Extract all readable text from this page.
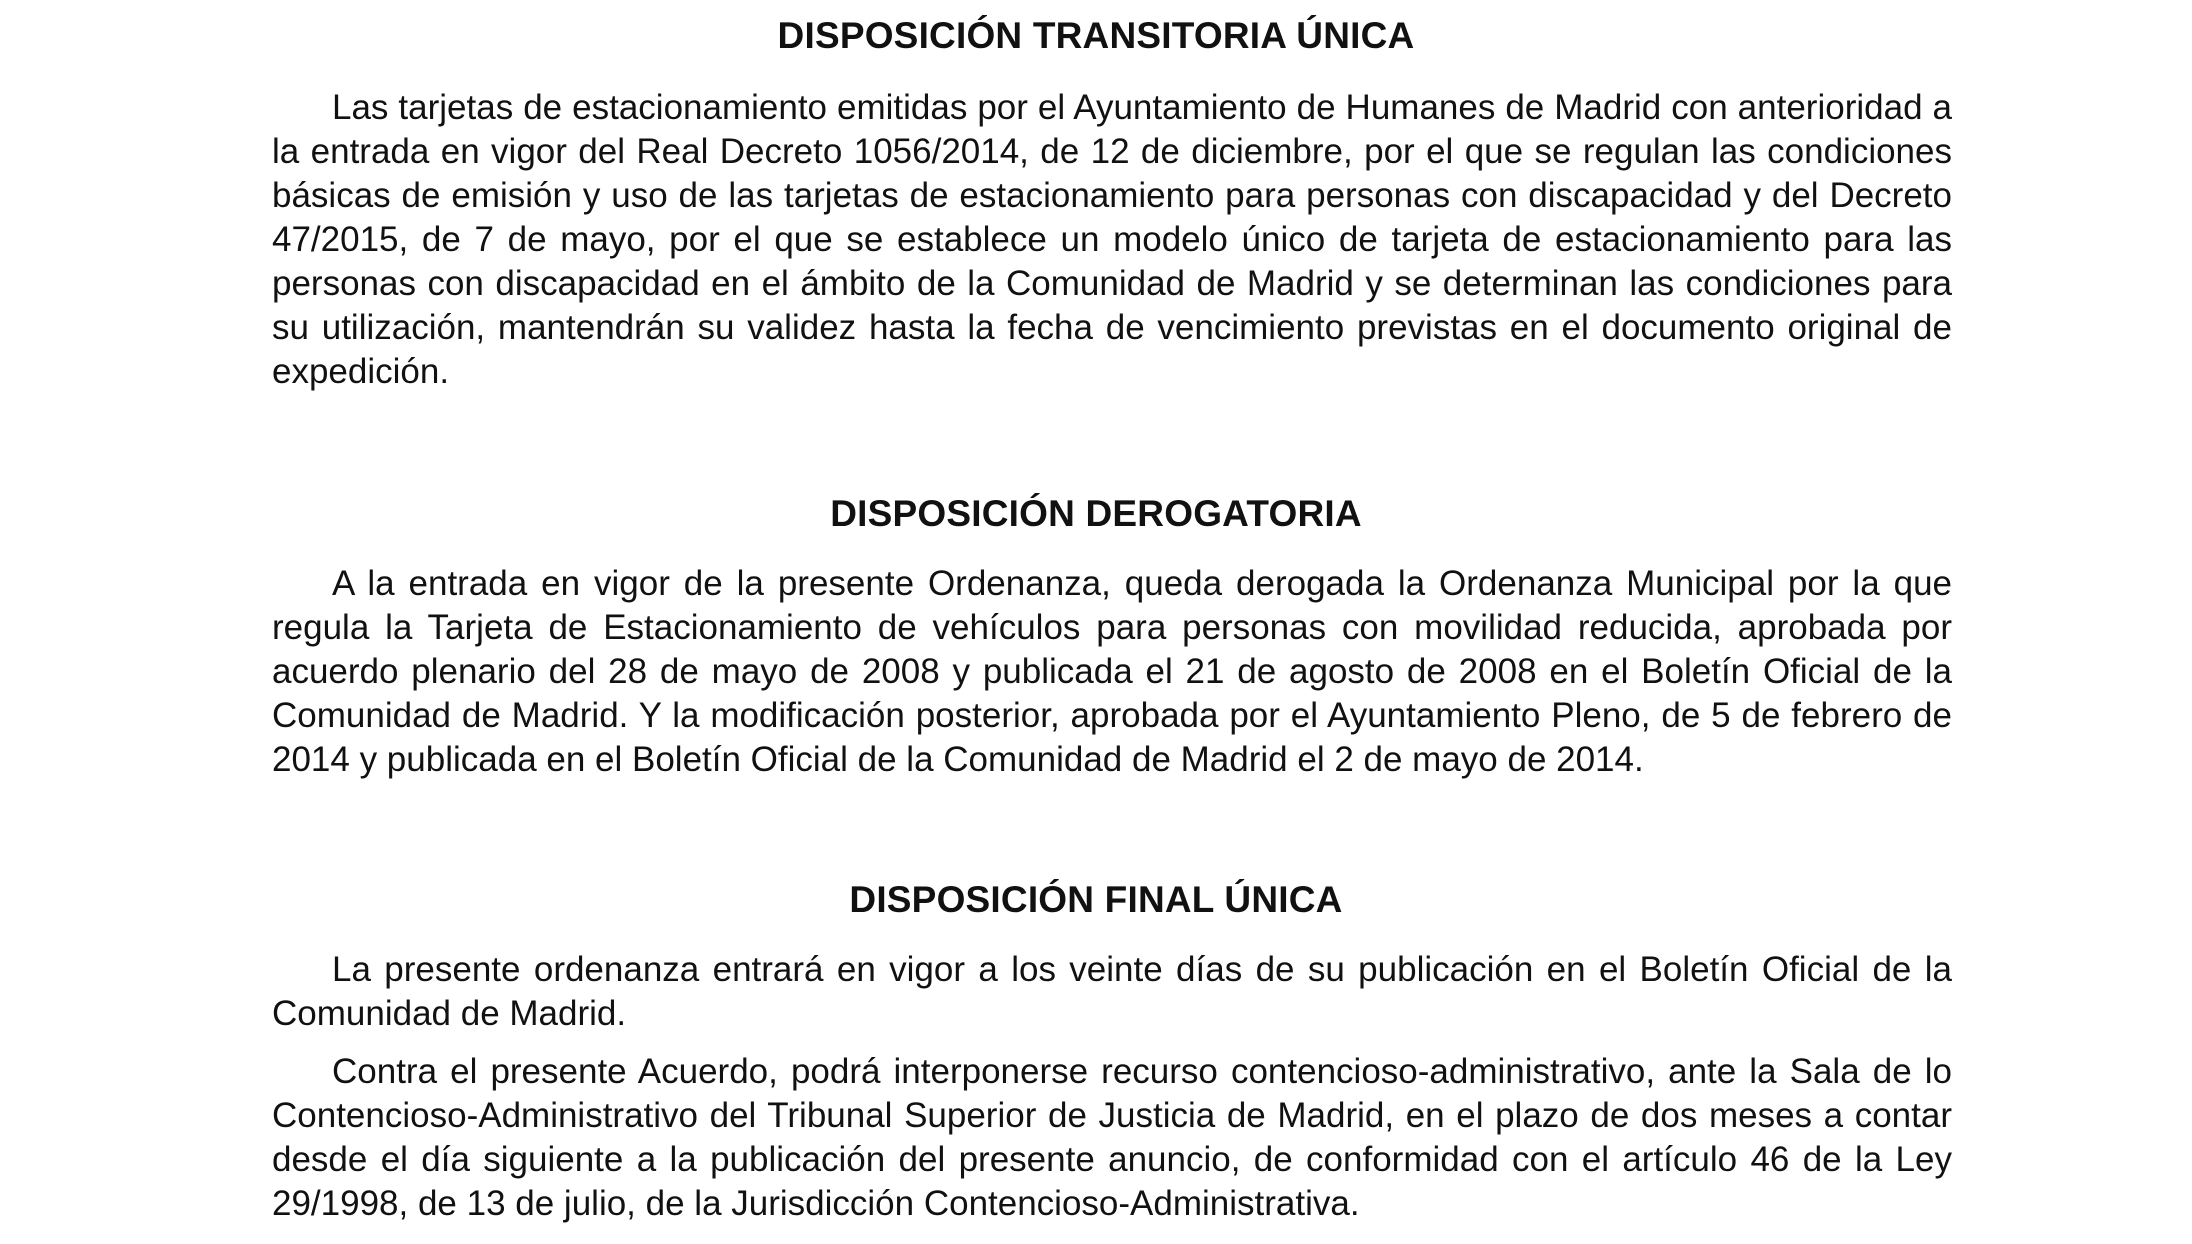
DISPOSICIÓN TRANSITORIA ÚNICA

Las tarjetas de estacionamiento emitidas por el Ayuntamiento de Humanes de Madrid con anterioridad a la entrada en vigor del Real Decreto 1056/2014, de 12 de diciembre, por el que se regulan las condiciones básicas de emisión y uso de las tarjetas de estacionamiento para personas con discapacidad y del Decreto 47/2015, de 7 de mayo, por el que se establece un modelo único de tarjeta de estacionamiento para las personas con discapacidad en el ámbito de la Comunidad de Madrid y se determinan las condiciones para su utilización, mantendrán su validez hasta la fecha de vencimiento previstas en el documento original de expedición.

DISPOSICIÓN DEROGATORIA

A la entrada en vigor de la presente Ordenanza, queda derogada la Ordenanza Municipal por la que regula la Tarjeta de Estacionamiento de vehículos para personas con movilidad reducida, aprobada por acuerdo plenario del 28 de mayo de 2008 y publicada el 21 de agosto de 2008 en el Boletín Oficial de la Comunidad de Madrid. Y la modificación posterior, aprobada por el Ayuntamiento Pleno, de 5 de febrero de 2014 y publicada en el Boletín Oficial de la Comunidad de Madrid el 2 de mayo de 2014.

DISPOSICIÓN FINAL ÚNICA

La presente ordenanza entrará en vigor a los veinte días de su publicación en el Boletín Oficial de la Comunidad de Madrid.

Contra el presente Acuerdo, podrá interponerse recurso contencioso-administrativo, ante la Sala de lo Contencioso-Administrativo del Tribunal Superior de Justicia de Madrid, en el plazo de dos meses a contar desde el día siguiente a la publicación del presente anuncio, de conformidad con el artículo 46 de la Ley 29/1998, de 13 de julio, de la Jurisdicción Contencioso-Administrativa.
